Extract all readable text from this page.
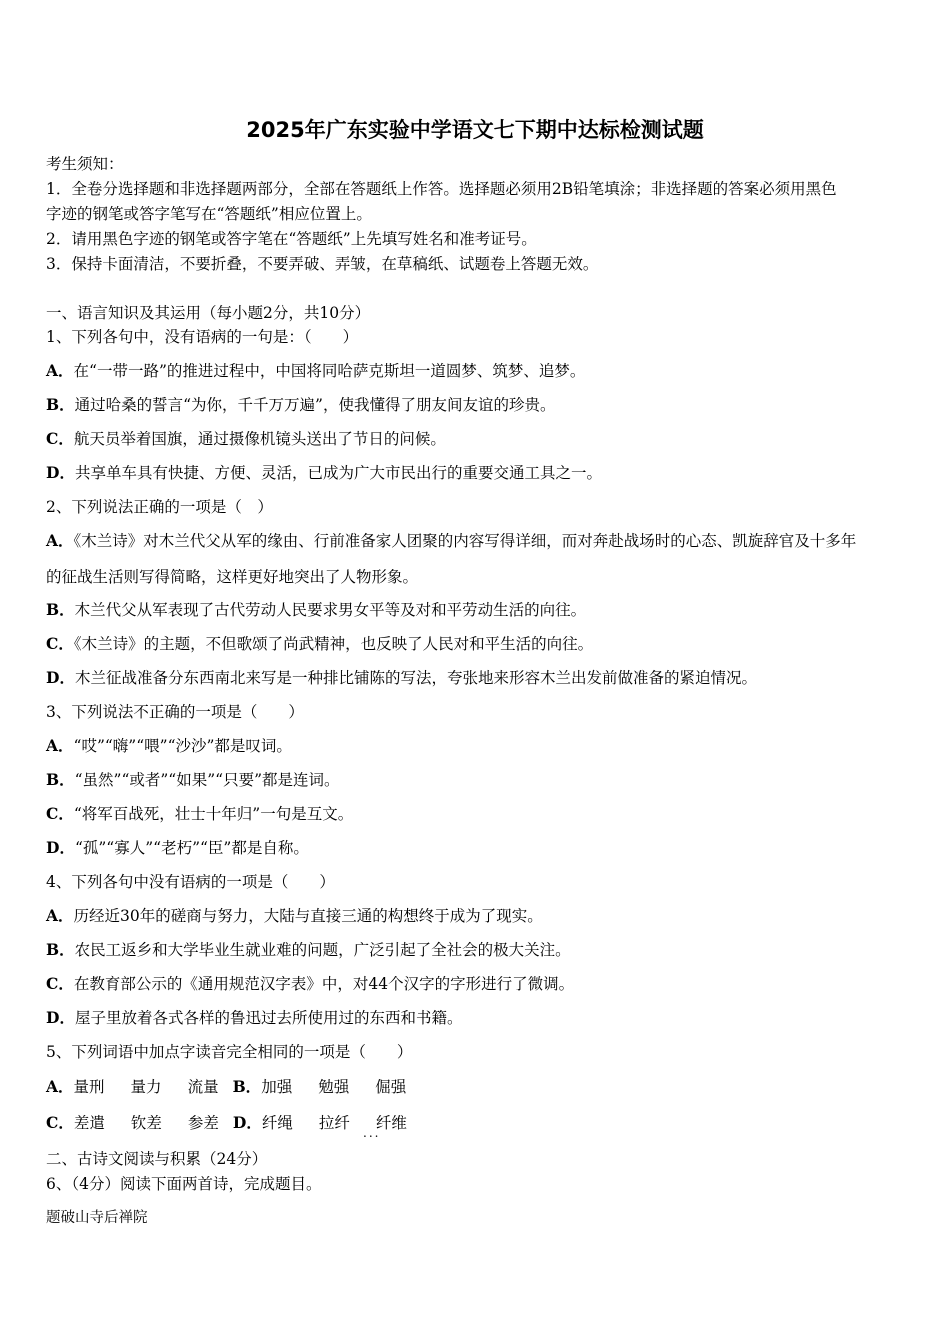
2025年广东实验中学语文七下期中达标检测试题
考生须知：
1．全卷分选择题和非选择题两部分，全部在答题纸上作答。选择题必须用2B铅笔填涂；非选择题的答案必须用黑色
字迹的钢笔或答字笔写在“答题纸”相应位置上。
2．请用黑色字迹的钢笔或答字笔在“答题纸”上先填写姓名和准考证号。
3．保持卡面清洁，不要折叠，不要弄破、弄皱，在草稿纸、试题卷上答题无效。
一、语言知识及其运用（每小题2分，共10分）
1、下列各句中，没有语病的一句是：（　　）
A．在“一带一路”的推进过程中，中国将同哈萨克斯坦一道圆梦、筑梦、追梦。
B．通过哈桑的誓言“为你，千千万万遍”，使我懂得了朋友间友谊的珍贵。
C．航天员举着国旗，通过摄像机镜头送出了节日的问候。
D．共享单车具有快捷、方便、灵活，已成为广大市民出行的重要交通工具之一。
2、下列说法正确的一项是（　）
A．《木兰诗》对木兰代父从军的缘由、行前准备家人团聚的内容写得详细，而对奔赴战场时的心态、凯旋辞官及十多年
的征战生活则写得简略，这样更好地突出了人物形象。
B．木兰代父从军表现了古代劳动人民要求男女平等及对和平劳动生活的向往。
C．《木兰诗》的主题，不但歌颂了尚武精神，也反映了人民对和平生活的向往。
D．木兰征战准备分东西南北来写是一种排比铺陈的写法，夸张地来形容木兰出发前做准备的紧迫情况。
3、下列说法不正确的一项是（　　）
A．“哎”“嗨”“喂”“沙沙”都是叹词。
B．“虽然”“或者”“如果”“只要”都是连词。
C．“将军百战死，壮士十年归”一句是互文。
D．“孤”“寡人”“老朽”“臣”都是自称。
4、下列各句中没有语病的一项是（　　）
A．历经近30年的磋商与努力，大陆与直接三通的构想终于成为了现实。
B．农民工返乡和大学毕业生就业难的问题，广泛引起了全社会的极大关注。
C．在教育部公示的《通用规范汉字表》中，对44个汉字的字形进行了微调。
D．屋子里放着各式各样的鲁迅过去所使用过的东西和书籍。
5、下列词语中加点字读音完全相同的一项是（　　）
A．量刑 量力 流量 B．加强 勉强 倔强
C．差遣 钦差 参差 D．纤绳 拉纤 纤维
...
二、古诗文阅读与积累（24分）
6、（4分）阅读下面两首诗，完成题目。
题破山寺后禅院
